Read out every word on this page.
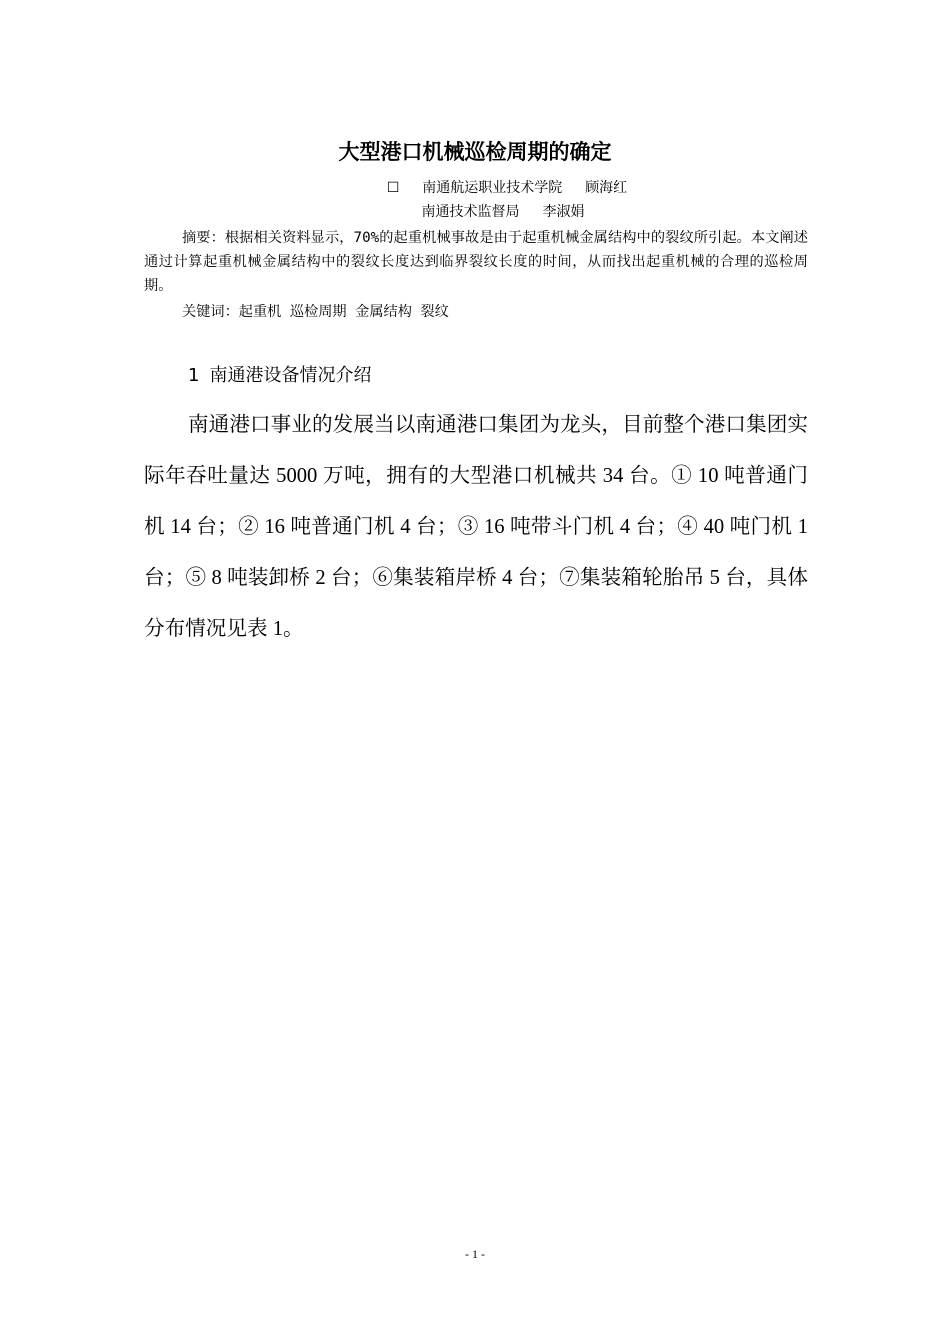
大型港口机械巡检周期的确定
☐ 南通航运职业技术学院 顾海红
南通技术监督局 李淑娟
摘要：根据相关资料显示，70%的起重机械事故是由于起重机械金属结构中的裂纹所引起。本文阐述通过计算起重机械金属结构中的裂纹长度达到临界裂纹长度的时间，从而找出起重机械的合理的巡检周期。
关键词：起重机 巡检周期 金属结构 裂纹
1 南通港设备情况介绍
南通港口事业的发展当以南通港口集团为龙头，目前整个港口集团实际年吞吐量达 5000 万吨，拥有的大型港口机械共 34 台。① 10 吨普通门机 14 台；② 16 吨普通门机 4 台；③ 16 吨带斗门机 4 台；④ 40 吨门机 1 台；⑤ 8 吨装卸桥 2 台；⑥集装箱岸桥 4 台；⑦集装箱轮胎吊 5 台，具体分布情况见表 1。
- 1 -
